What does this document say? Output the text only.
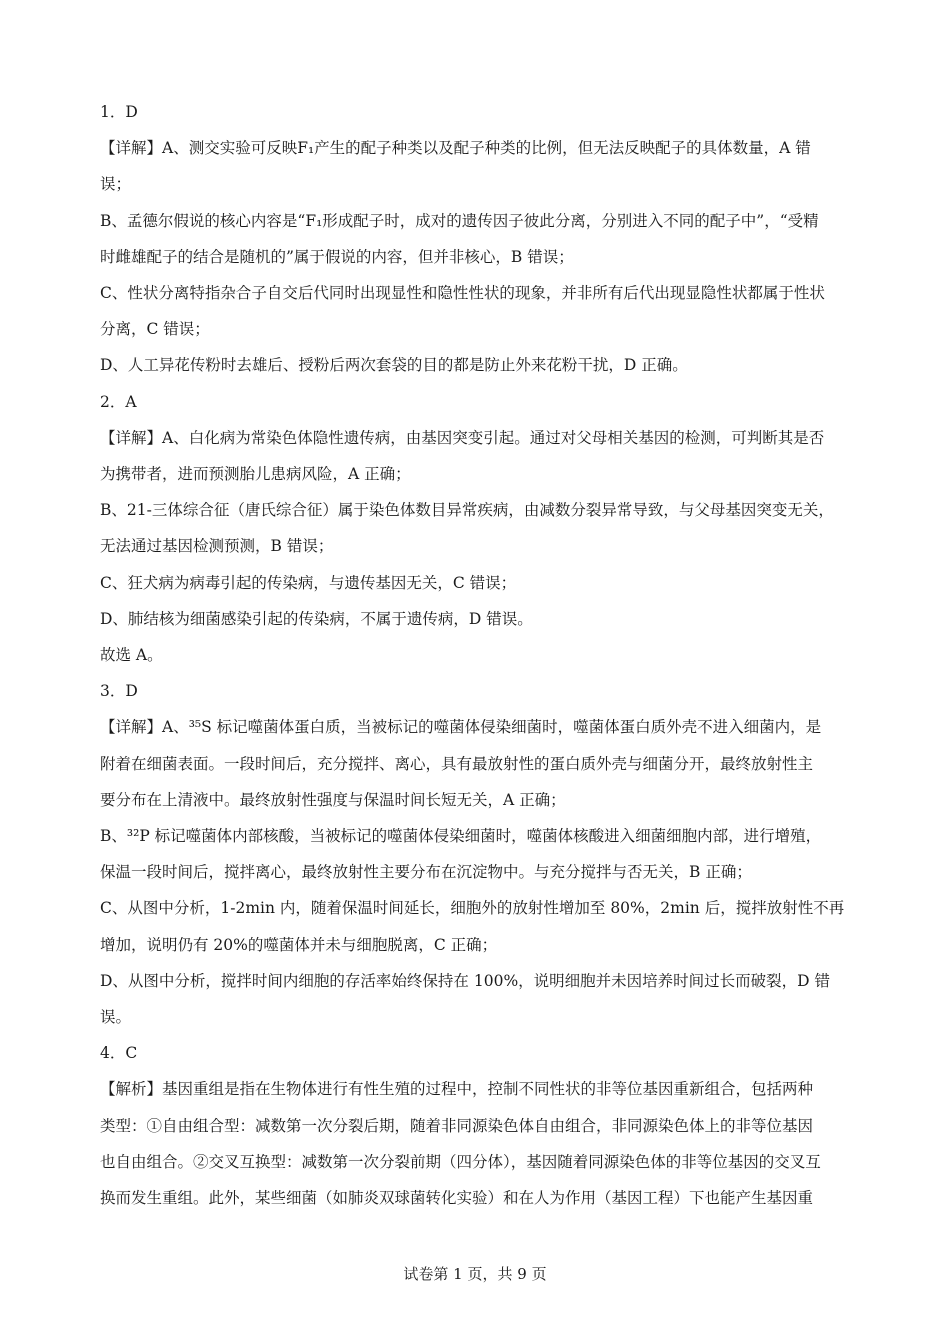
1．D
【详解】A、测交实验可反映F₁产生的配子种类以及配子种类的比例，但无法反映配子的具体数量，A 错
误；
B、孟德尔假说的核心内容是“F₁形成配子时，成对的遗传因子彼此分离，分别进入不同的配子中”，“受精
时雌雄配子的结合是随机的”属于假说的内容，但并非核心，B 错误；
C、性状分离特指杂合子自交后代同时出现显性和隐性性状的现象，并非所有后代出现显隐性状都属于性状
分离，C 错误；
D、人工异花传粉时去雄后、授粉后两次套袋的目的都是防止外来花粉干扰，D 正确。
2．A
【详解】A、白化病为常染色体隐性遗传病，由基因突变引起。通过对父母相关基因的检测，可判断其是否
为携带者，进而预测胎儿患病风险，A 正确；
B、21-三体综合征（唐氏综合征）属于染色体数目异常疾病，由减数分裂异常导致，与父母基因突变无关，
无法通过基因检测预测，B 错误；
C、狂犬病为病毒引起的传染病，与遗传基因无关，C 错误；
D、肺结核为细菌感染引起的传染病，不属于遗传病，D 错误。
故选 A。
3．D
【详解】A、³⁵S 标记噬菌体蛋白质，当被标记的噬菌体侵染细菌时，噬菌体蛋白质外壳不进入细菌内，是
附着在细菌表面。一段时间后，充分搅拌、离心，具有最放射性的蛋白质外壳与细菌分开，最终放射性主
要分布在上清液中。最终放射性强度与保温时间长短无关，A 正确；
B、³²P 标记噬菌体内部核酸，当被标记的噬菌体侵染细菌时，噬菌体核酸进入细菌细胞内部，进行增殖，
保温一段时间后，搅拌离心，最终放射性主要分布在沉淀物中。与充分搅拌与否无关，B 正确；
C、从图中分析，1-2min 内，随着保温时间延长，细胞外的放射性增加至 80%，2min 后，搅拌放射性不再
增加，说明仍有 20%的噬菌体并未与细胞脱离，C 正确；
D、从图中分析，搅拌时间内细胞的存活率始终保持在 100%，说明细胞并未因培养时间过长而破裂，D 错
误。
4．C
【解析】基因重组是指在生物体进行有性生殖的过程中，控制不同性状的非等位基因重新组合，包括两种
类型：①自由组合型：减数第一次分裂后期，随着非同源染色体自由组合，非同源染色体上的非等位基因
也自由组合。②交叉互换型：减数第一次分裂前期（四分体），基因随着同源染色体的非等位基因的交叉互
换而发生重组。此外，某些细菌（如肺炎双球菌转化实验）和在人为作用（基因工程）下也能产生基因重
试卷第 1 页，共 9 页
